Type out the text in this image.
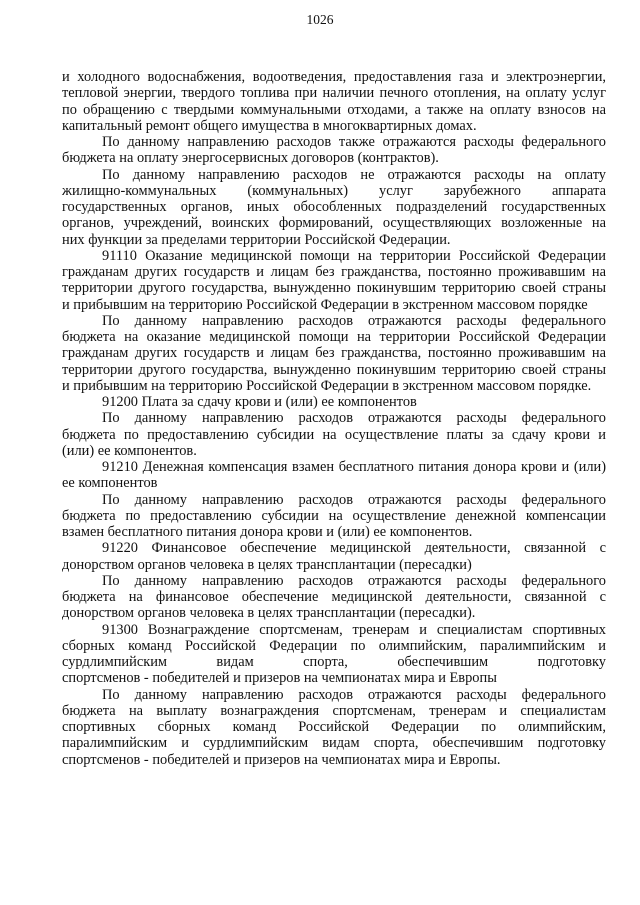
1026
и холодного водоснабжения, водоотведения, предоставления газа и электроэнергии,
тепловой энергии, твердого топлива при наличии печного отопления, на оплату услуг
по обращению с твердыми коммунальными отходами, а также на оплату взносов на
капитальный ремонт общего имущества в многоквартирных домах.
По данному направлению расходов также отражаются расходы федерального
бюджета на оплату энергосервисных договоров (контрактов).
По данному направлению расходов не отражаются расходы на оплату
жилищно-коммунальных (коммунальных) услуг зарубежного аппарата
государственных органов, иных обособленных подразделений государственных
органов, учреждений, воинских формирований, осуществляющих возложенные на
них функции за пределами территории Российской Федерации.
91110 Оказание медицинской помощи на территории Российской Федерации
гражданам других государств и лицам без гражданства, постоянно проживавшим на
территории другого государства, вынужденно покинувшим территорию своей страны
и прибывшим на территорию Российской Федерации в экстренном массовом порядке
По данному направлению расходов отражаются расходы федерального
бюджета на оказание медицинской помощи на территории Российской Федерации
гражданам других государств и лицам без гражданства, постоянно проживавшим на
территории другого государства, вынужденно покинувшим территорию своей страны
и прибывшим на территорию Российской Федерации в экстренном массовом порядке.
91200 Плата за сдачу крови и (или) ее компонентов
По данному направлению расходов отражаются расходы федерального
бюджета по предоставлению субсидии на осуществление платы за сдачу крови и
(или) ее компонентов.
91210 Денежная компенсация взамен бесплатного питания донора крови и (или)
ее компонентов
По данному направлению расходов отражаются расходы федерального
бюджета по предоставлению субсидии на осуществление денежной компенсации
взамен бесплатного питания донора крови и (или) ее компонентов.
91220 Финансовое обеспечение медицинской деятельности, связанной с
донорством органов человека в целях трансплантации (пересадки)
По данному направлению расходов отражаются расходы федерального
бюджета на финансовое обеспечение медицинской деятельности, связанной с
донорством органов человека в целях трансплантации (пересадки).
91300 Вознаграждение спортсменам, тренерам и специалистам спортивных
сборных команд Российской Федерации по олимпийским, паралимпийским и
сурдлимпийским видам спорта, обеспечившим подготовку
спортсменов - победителей и призеров на чемпионатах мира и Европы
По данному направлению расходов отражаются расходы федерального
бюджета на выплату вознаграждения спортсменам, тренерам и специалистам
спортивных сборных команд Российской Федерации по олимпийским,
паралимпийским и сурдлимпийским видам спорта, обеспечившим подготовку
спортсменов - победителей и призеров на чемпионатах мира и Европы.
